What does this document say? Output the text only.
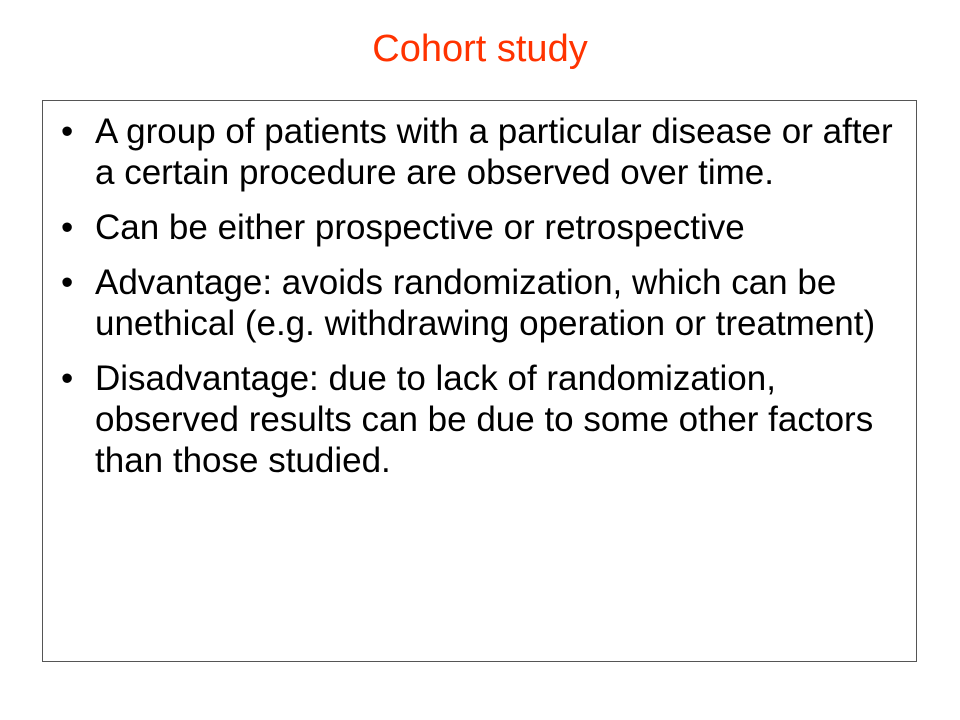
Cohort study
• A group of patients with a particular disease or after a certain procedure are observed over time.
• Can be either prospective or retrospective
• Advantage: avoids randomization, which can be unethical (e.g. withdrawing operation or treatment)
• Disadvantage: due to lack of randomization, observed results can be due to some other factors than those studied.
